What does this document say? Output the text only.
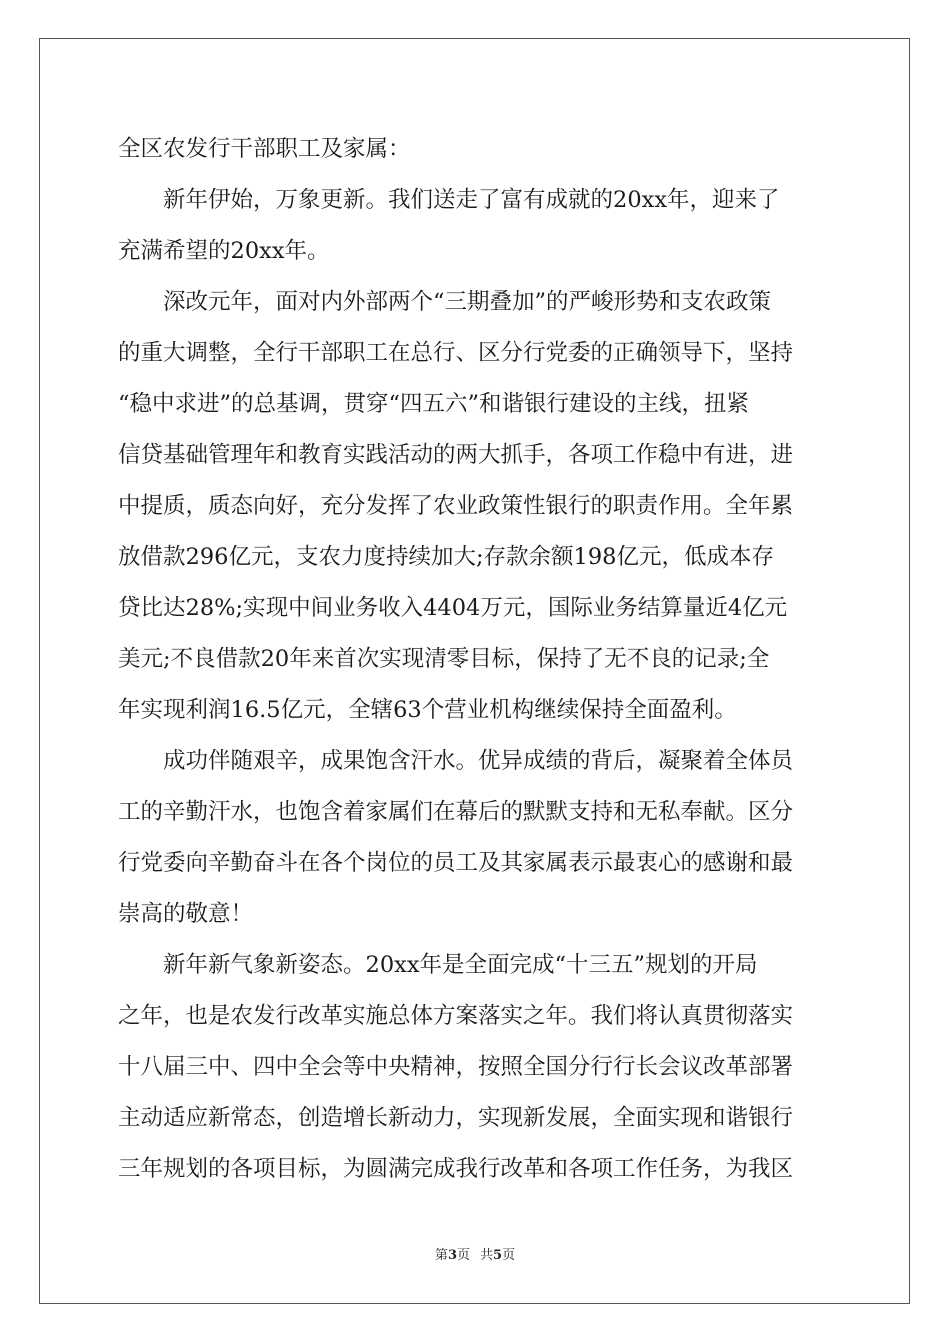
全区农发行干部职工及家属：
　　新年伊始，万象更新。我们送走了富有成就的20xx年，迎来了
充满希望的20xx年。
　　深改元年，面对内外部两个“三期叠加”的严峻形势和支农政策
的重大调整，全行干部职工在总行、区分行党委的正确领导下，坚持
“稳中求进”的总基调，贯穿“四五六”和谐银行建设的主线，扭紧
信贷基础管理年和教育实践活动的两大抓手，各项工作稳中有进，进
中提质，质态向好，充分发挥了农业政策性银行的职责作用。全年累
放借款296亿元，支农力度持续加大;存款余额198亿元，低成本存
贷比达28%;实现中间业务收入4404万元，国际业务结算量近4亿元
美元;不良借款20年来首次实现清零目标，保持了无不良的记录;全
年实现利润16.5亿元，全辖63个营业机构继续保持全面盈利。
　　成功伴随艰辛，成果饱含汗水。优异成绩的背后，凝聚着全体员
工的辛勤汗水，也饱含着家属们在幕后的默默支持和无私奉献。区分
行党委向辛勤奋斗在各个岗位的员工及其家属表示最衷心的感谢和最
崇高的敬意！
　　新年新气象新姿态。20xx年是全面完成“十三五”规划的开局
之年，也是农发行改革实施总体方案落实之年。我们将认真贯彻落实
十八届三中、四中全会等中央精神，按照全国分行行长会议改革部署
主动适应新常态，创造增长新动力，实现新发展，全面实现和谐银行
三年规划的各项目标，为圆满完成我行改革和各项工作任务，为我区
第3页 共5页
